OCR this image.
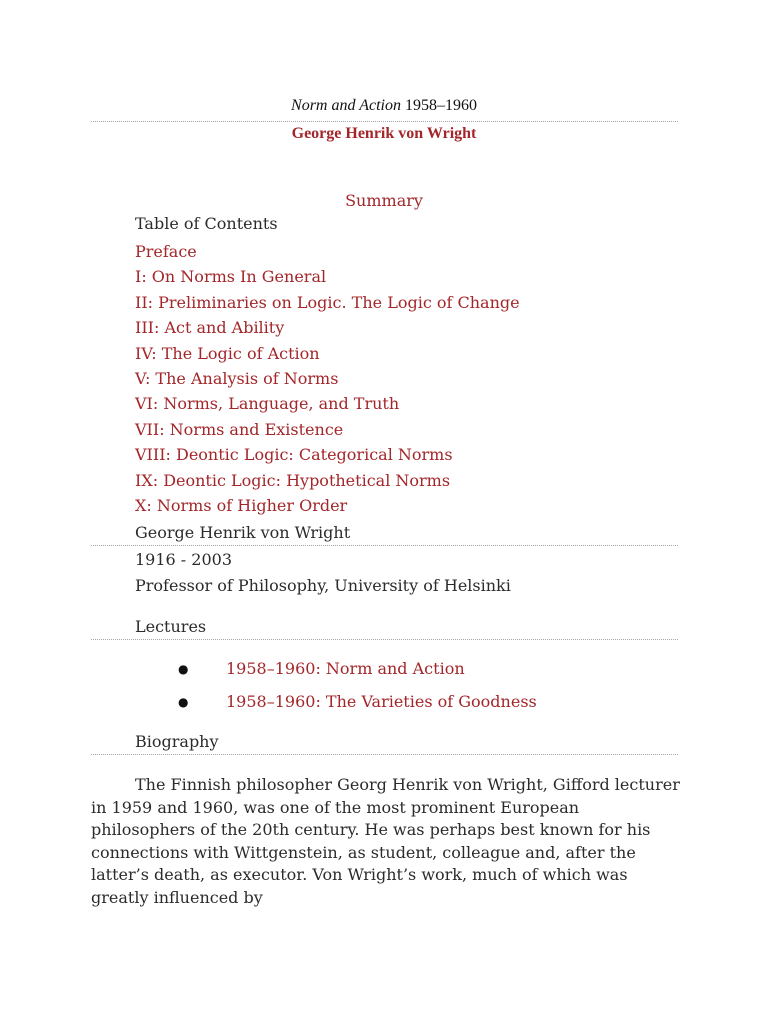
Norm and Action 1958–1960
George Henrik von Wright
Summary
Table of Contents
Preface
I: On Norms In General
II: Preliminaries on Logic. The Logic of Change
III: Act and Ability
IV: The Logic of Action
V: The Analysis of Norms
VI: Norms, Language, and Truth
VII: Norms and Existence
VIII: Deontic Logic: Categorical Norms
IX: Deontic Logic: Hypothetical Norms
X: Norms of Higher Order
George Henrik von Wright
1916 - 2003
Professor of Philosophy, University of Helsinki
Lectures
● 1958–1960: Norm and Action
● 1958–1960: The Varieties of Goodness
Biography

The Finnish philosopher Georg Henrik von Wright, Gifford lecturer in 1959 and 1960, was one of the most prominent European philosophers of the 20th century. He was perhaps best known for his connections with Wittgenstein, as student, colleague and, after the latter’s death, as executor. Von Wright’s work, much of which was greatly influenced by
